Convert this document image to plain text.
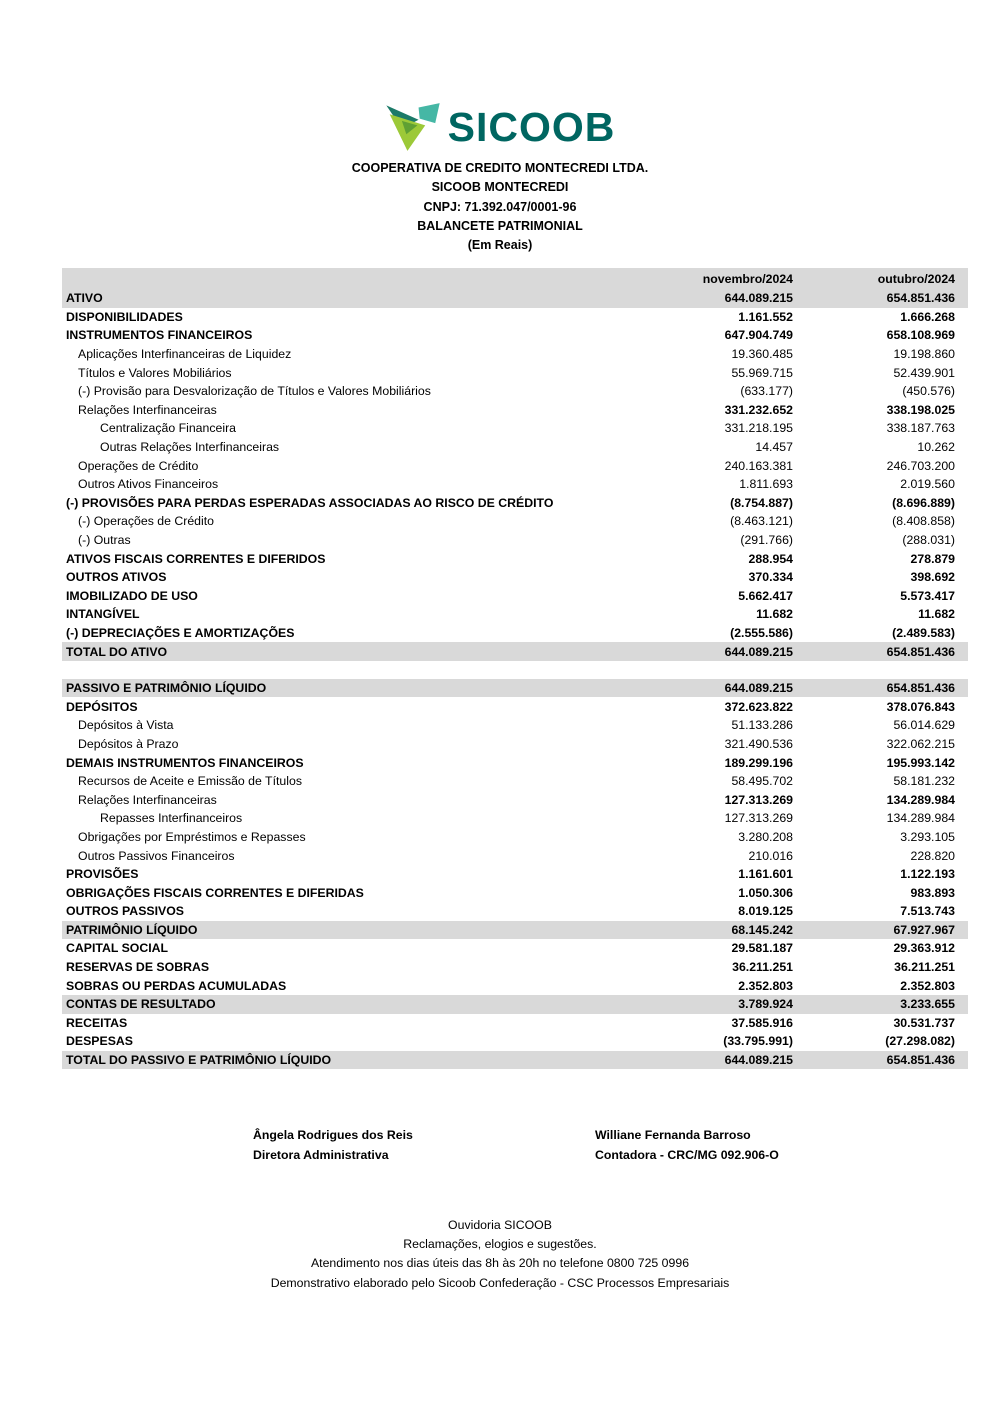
SICOOB
COOPERATIVA DE CREDITO MONTECREDI LTDA.
SICOOB MONTECREDI
CNPJ: 71.392.047/0001-96
BALANCETE PATRIMONIAL
(Em Reais)
novembro/2024	outubro/2024
ATIVO	644.089.215	654.851.436
DISPONIBILIDADES	1.161.552	1.666.268
INSTRUMENTOS FINANCEIROS	647.904.749	658.108.969
Aplicações Interfinanceiras de Liquidez	19.360.485	19.198.860
Títulos e Valores Mobiliários	55.969.715	52.439.901
(-) Provisão para Desvalorização de Títulos e Valores Mobiliários	(633.177)	(450.576)
Relações Interfinanceiras	331.232.652	338.198.025
Centralização Financeira	331.218.195	338.187.763
Outras Relações Interfinanceiras	14.457	10.262
Operações de Crédito	240.163.381	246.703.200
Outros Ativos Financeiros	1.811.693	2.019.560
(-) PROVISÕES PARA PERDAS ESPERADAS ASSOCIADAS AO RISCO DE CRÉDITO	(8.754.887)	(8.696.889)
(-) Operações de Crédito	(8.463.121)	(8.408.858)
(-) Outras	(291.766)	(288.031)
ATIVOS FISCAIS CORRENTES E DIFERIDOS	288.954	278.879
OUTROS ATIVOS	370.334	398.692
IMOBILIZADO DE USO	5.662.417	5.573.417
INTANGÍVEL	11.682	11.682
(-) DEPRECIAÇÕES E AMORTIZAÇÕES	(2.555.586)	(2.489.583)
TOTAL DO ATIVO	644.089.215	654.851.436
PASSIVO E PATRIMÔNIO LÍQUIDO	644.089.215	654.851.436
DEPÓSITOS	372.623.822	378.076.843
Depósitos à Vista	51.133.286	56.014.629
Depósitos à Prazo	321.490.536	322.062.215
DEMAIS INSTRUMENTOS FINANCEIROS	189.299.196	195.993.142
Recursos de Aceite e Emissão de Títulos	58.495.702	58.181.232
Relações Interfinanceiras	127.313.269	134.289.984
Repasses Interfinanceiros	127.313.269	134.289.984
Obrigações por Empréstimos e Repasses	3.280.208	3.293.105
Outros Passivos Financeiros	210.016	228.820
PROVISÕES	1.161.601	1.122.193
OBRIGAÇÕES FISCAIS CORRENTES E DIFERIDAS	1.050.306	983.893
OUTROS PASSIVOS	8.019.125	7.513.743
PATRIMÔNIO LÍQUIDO	68.145.242	67.927.967
CAPITAL SOCIAL	29.581.187	29.363.912
RESERVAS DE SOBRAS	36.211.251	36.211.251
SOBRAS OU PERDAS ACUMULADAS	2.352.803	2.352.803
CONTAS DE RESULTADO	3.789.924	3.233.655
RECEITAS	37.585.916	30.531.737
DESPESAS	(33.795.991)	(27.298.082)
TOTAL DO PASSIVO E PATRIMÔNIO LÍQUIDO	644.089.215	654.851.436
Ângela Rodrigues dos Reis
Diretora Administrativa
Williane Fernanda Barroso
Contadora - CRC/MG 092.906-O
Ouvidoria SICOOB
Reclamações, elogios e sugestões.
Atendimento nos dias úteis das 8h às 20h no telefone 0800 725 0996
Demonstrativo elaborado pelo Sicoob Confederação - CSC Processos Empresariais
